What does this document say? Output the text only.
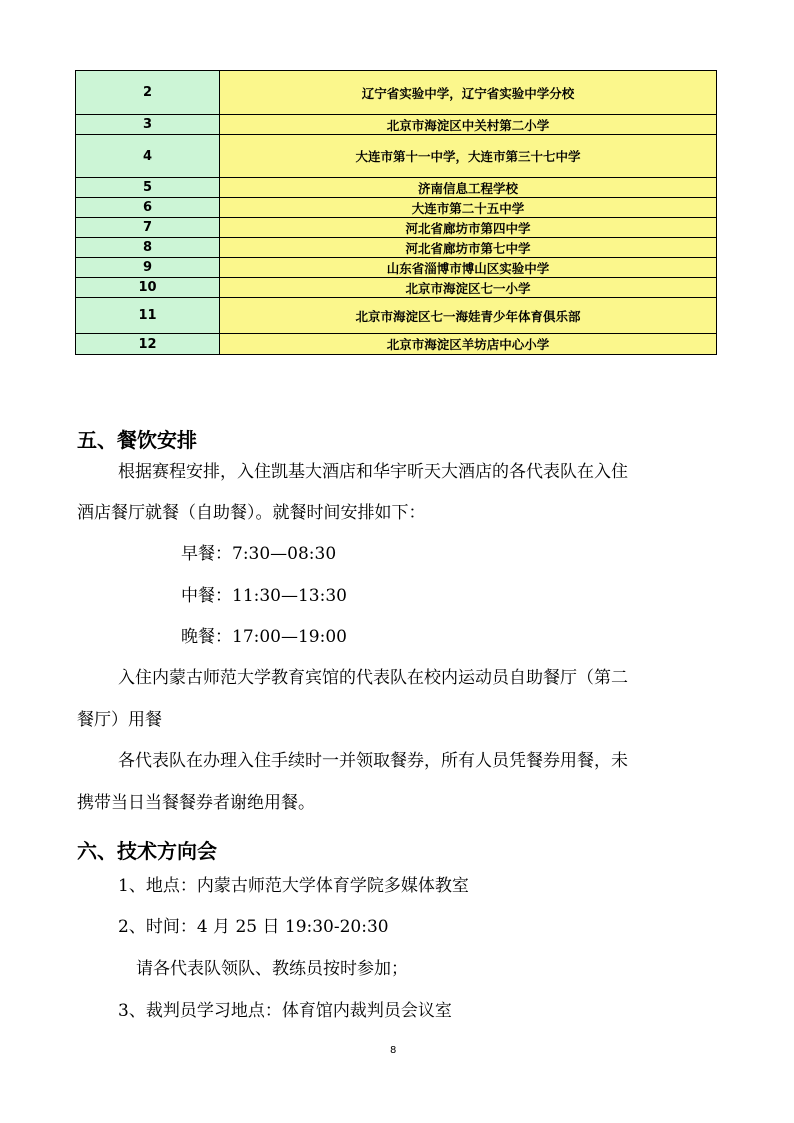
2	辽宁省实验中学，辽宁省实验中学分校
3	北京市海淀区中关村第二小学
4	大连市第十一中学，大连市第三十七中学
5	济南信息工程学校
6	大连市第二十五中学
7	河北省廊坊市第四中学
8	河北省廊坊市第七中学
9	山东省淄博市博山区实验中学
10	北京市海淀区七一小学
11	北京市海淀区七一海娃青少年体育俱乐部
12	北京市海淀区羊坊店中心小学
五、餐饮安排
根据赛程安排，入住凯基大酒店和华宇昕天大酒店的各代表队在入住
酒店餐厅就餐（自助餐）。就餐时间安排如下：
早餐：7:30—08:30
中餐：11:30—13:30
晚餐：17:00—19:00
入住内蒙古师范大学教育宾馆的代表队在校内运动员自助餐厅（第二
餐厅）用餐
各代表队在办理入住手续时一并领取餐券，所有人员凭餐券用餐，未
携带当日当餐餐券者谢绝用餐。
六、技术方向会
1、地点：内蒙古师范大学体育学院多媒体教室
2、时间：4 月 25 日 19:30-20:30
请各代表队领队、教练员按时参加；
3、裁判员学习地点：体育馆内裁判员会议室
8
